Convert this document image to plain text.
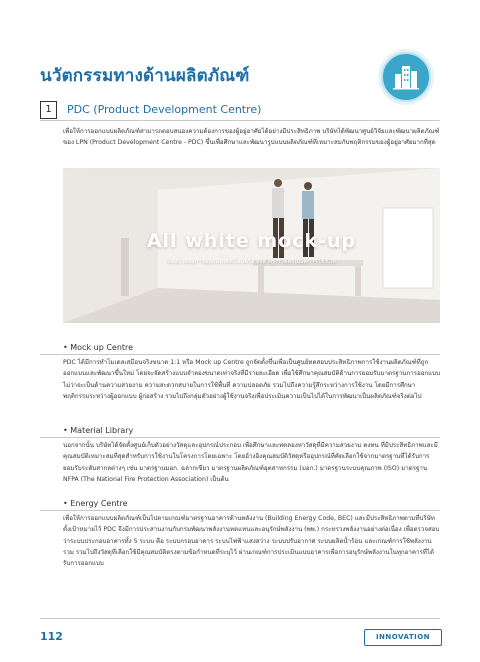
นวัตกรรมทางด้านผลิตภัณฑ์
1	PDC (Product Development Centre)
เพื่อให้การออกแบบผลิตภัณฑ์สามารถตอบสนองความต้องการของผู้อยู่อาศัยได้อย่างมีประสิทธิภาพ บริษัทได้พัฒนาศูนย์วิจัยและพัฒนาผลิตภัณฑ์ของ LPN (Product Development Centre - PDC) ขึ้นเพื่อศึกษาและพัฒนารูปแบบผลิตภัณฑ์ที่เหมาะสมกับพฤติกรรมของผู้อยู่อาศัยมากที่สุด
All white mock-up
ห้องจำลองการออกแบบเสมือนจริง ลงตัวทุกรายละเอียดการใช้ชีวิต
• Mock up Centre
PDC ได้มีการทำโมเดลเสมือนจริงขนาด 1:1 หรือ Mock up Centre ถูกจัดตั้งขึ้นเพื่อเป็นศูนย์ทดสอบประสิทธิภาพการใช้งานผลิตภัณฑ์ที่ถูกออกแบบและพัฒนาขึ้นใหม่ โดยจะจัดสร้างแบบจำลองขนาดเท่าจริงที่มีรายละเอียด เพื่อใช้ศึกษาคุณสมบัติด้านการยอมรับมาตรฐานการออกแบบ ไม่ว่าจะเป็นด้านความสวยงาม ความสะดวกสบายในการใช้พื้นที่ ความปลอดภัย รวมไปถึงความรู้สึกระหว่างการใช้งาน โดยมีการศึกษาพฤติกรรมระหว่างผู้ออกแบบ ผู้ก่อสร้าง รวมไปถึงกลุ่มตัวอย่างผู้ใช้งานจริงเพื่อประเมินความเป็นไปได้ในการพัฒนาเป็นผลิตภัณฑ์จริงต่อไป
• Material Library
นอกจากนั้น บริษัทได้จัดตั้งศูนย์เก็บตัวอย่างวัสดุและอุปกรณ์ประกอบ เพื่อศึกษาและทดลองหาวัสดุที่มีความสวยงาม คงทน ที่มีประสิทธิภาพและมีคุณสมบัติเหมาะสมที่สุดสำหรับการใช้งานในโครงการโดยเฉพาะ โดยอ้างอิงคุณสมบัติวัสดุหรืออุปกรณ์ที่คัดเลือกใช้จากมาตรฐานที่ได้รับการยอมรับระดับสากลต่างๆ เช่น มาตรฐานมอก. ฉลากเขียว มาตรฐานผลิตภัณฑ์อุตสาหกรรม (มอก.) มาตรฐานระบบคุณภาพ (ISO) มาตรฐาน NFPA (The National Fire Protection Association) เป็นต้น
• Energy Centre
เพื่อให้การออกแบบผลิตภัณฑ์เป็นไปตามเกณฑ์มาตรฐานอาคารด้านพลังงาน (Building Energy Code, BEC) และมีประสิทธิภาพตามที่บริษัทตั้งเป้าหมายไว้ PDC จึงมีการประสานงานกับกรมพัฒนาพลังงานทดแทนและอนุรักษ์พลังงาน (พพ.) กระทรวงพลังงานอย่างต่อเนื่อง เพื่อตรวจสอบว่าระบบประกอบอาคารทั้ง 5 ระบบ คือ ระบบกรอบอาคาร ระบบไฟฟ้าแสงสว่าง ระบบปรับอากาศ ระบบผลิตน้ำร้อน และเกณฑ์การใช้พลังงานรวม รวมไปถึงวัสดุที่เลือกใช้มีคุณสมบัติตรงตามข้อกำหนดที่ระบุไว้ ผ่านเกณฑ์การประเมินแบบอาคารเพื่อการอนุรักษ์พลังงานในทุกอาคารที่ได้รับการออกแบบ
112	INNOVATION
